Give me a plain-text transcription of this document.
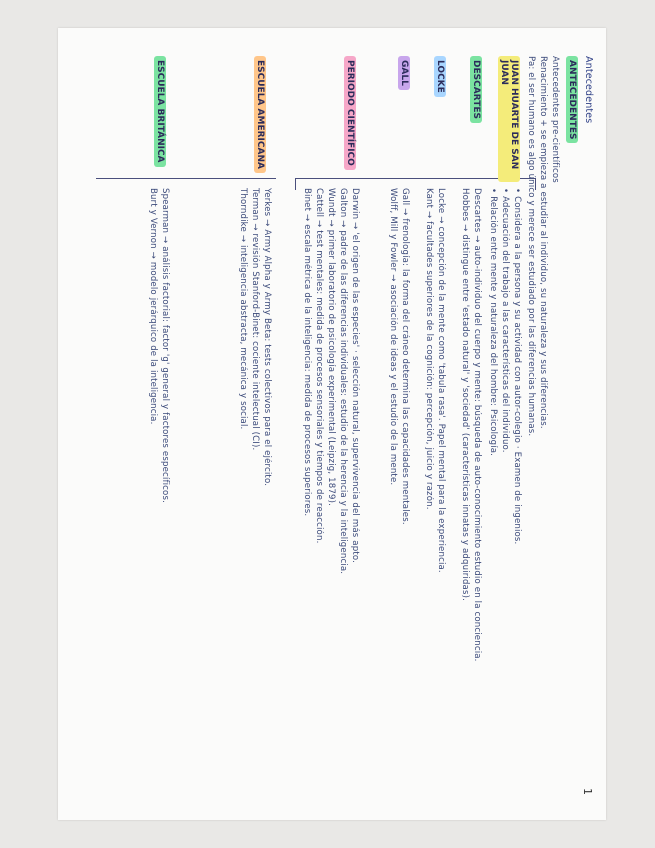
1
Antecedentes
ANTECEDENTES
Antecedentes pre-científicos
Renacimiento + se empieza a estudiar al individuo, su naturaleza y sus diferencias.
Pa: el ser humano es algo único y merece ser estudiado por las diferencias humanas.
JUAN HUARTE DE SAN JUAN
• Considera a la persona y su actividad con autor-colegio · Examen de ingenios.
• Adecuación del trabajo a las características del individuo.
• Relación entre mente y naturaleza del hombre: Psicología.
DESCARTES
Descartes → auto-individuo del cuerpo y mente: búsqueda de auto-conocimiento estudio en la conciencia.
Hobbes → distingue entre 'estado natural' y 'sociedad' (características innatas y adquiridas).
LOCKE
Locke → concepción de la mente como 'tabula rasa'. Papel mental para la experiencia.
Kant → facultades superiores de la cognición: percepción, juicio y razón.
GALL
Gall → frenología: la forma del cráneo determina las capacidades mentales.
Wolff, Mill y Fowler → asociación de ideas y el estudio de la mente.
PERIODO CIENTÍFICO
Darwin → 'el origen de las especies' · selección natural, supervivencia del más apto.
Galton → padre de las diferencias individuales: estudio de la herencia y la inteligencia.
Wundt → primer laboratorio de psicología experimental (Leipzig, 1879).
Cattell → test mentales: medida de procesos sensoriales y tiempos de reacción.
Binet → escala métrica de la inteligencia: medida de procesos superiores.
ESCUELA AMERICANA
Yerkes → Army Alpha y Army Beta: tests colectivos para el ejército.
Terman → revisión Stanford-Binet: cociente intelectual (CI).
Thorndike → inteligencia abstracta, mecánica y social.
ESCUELA BRITÁNICA
Spearman → análisis factorial: factor 'g' general y factores específicos.
Burt y Vernon → modelo jerárquico de la inteligencia.
